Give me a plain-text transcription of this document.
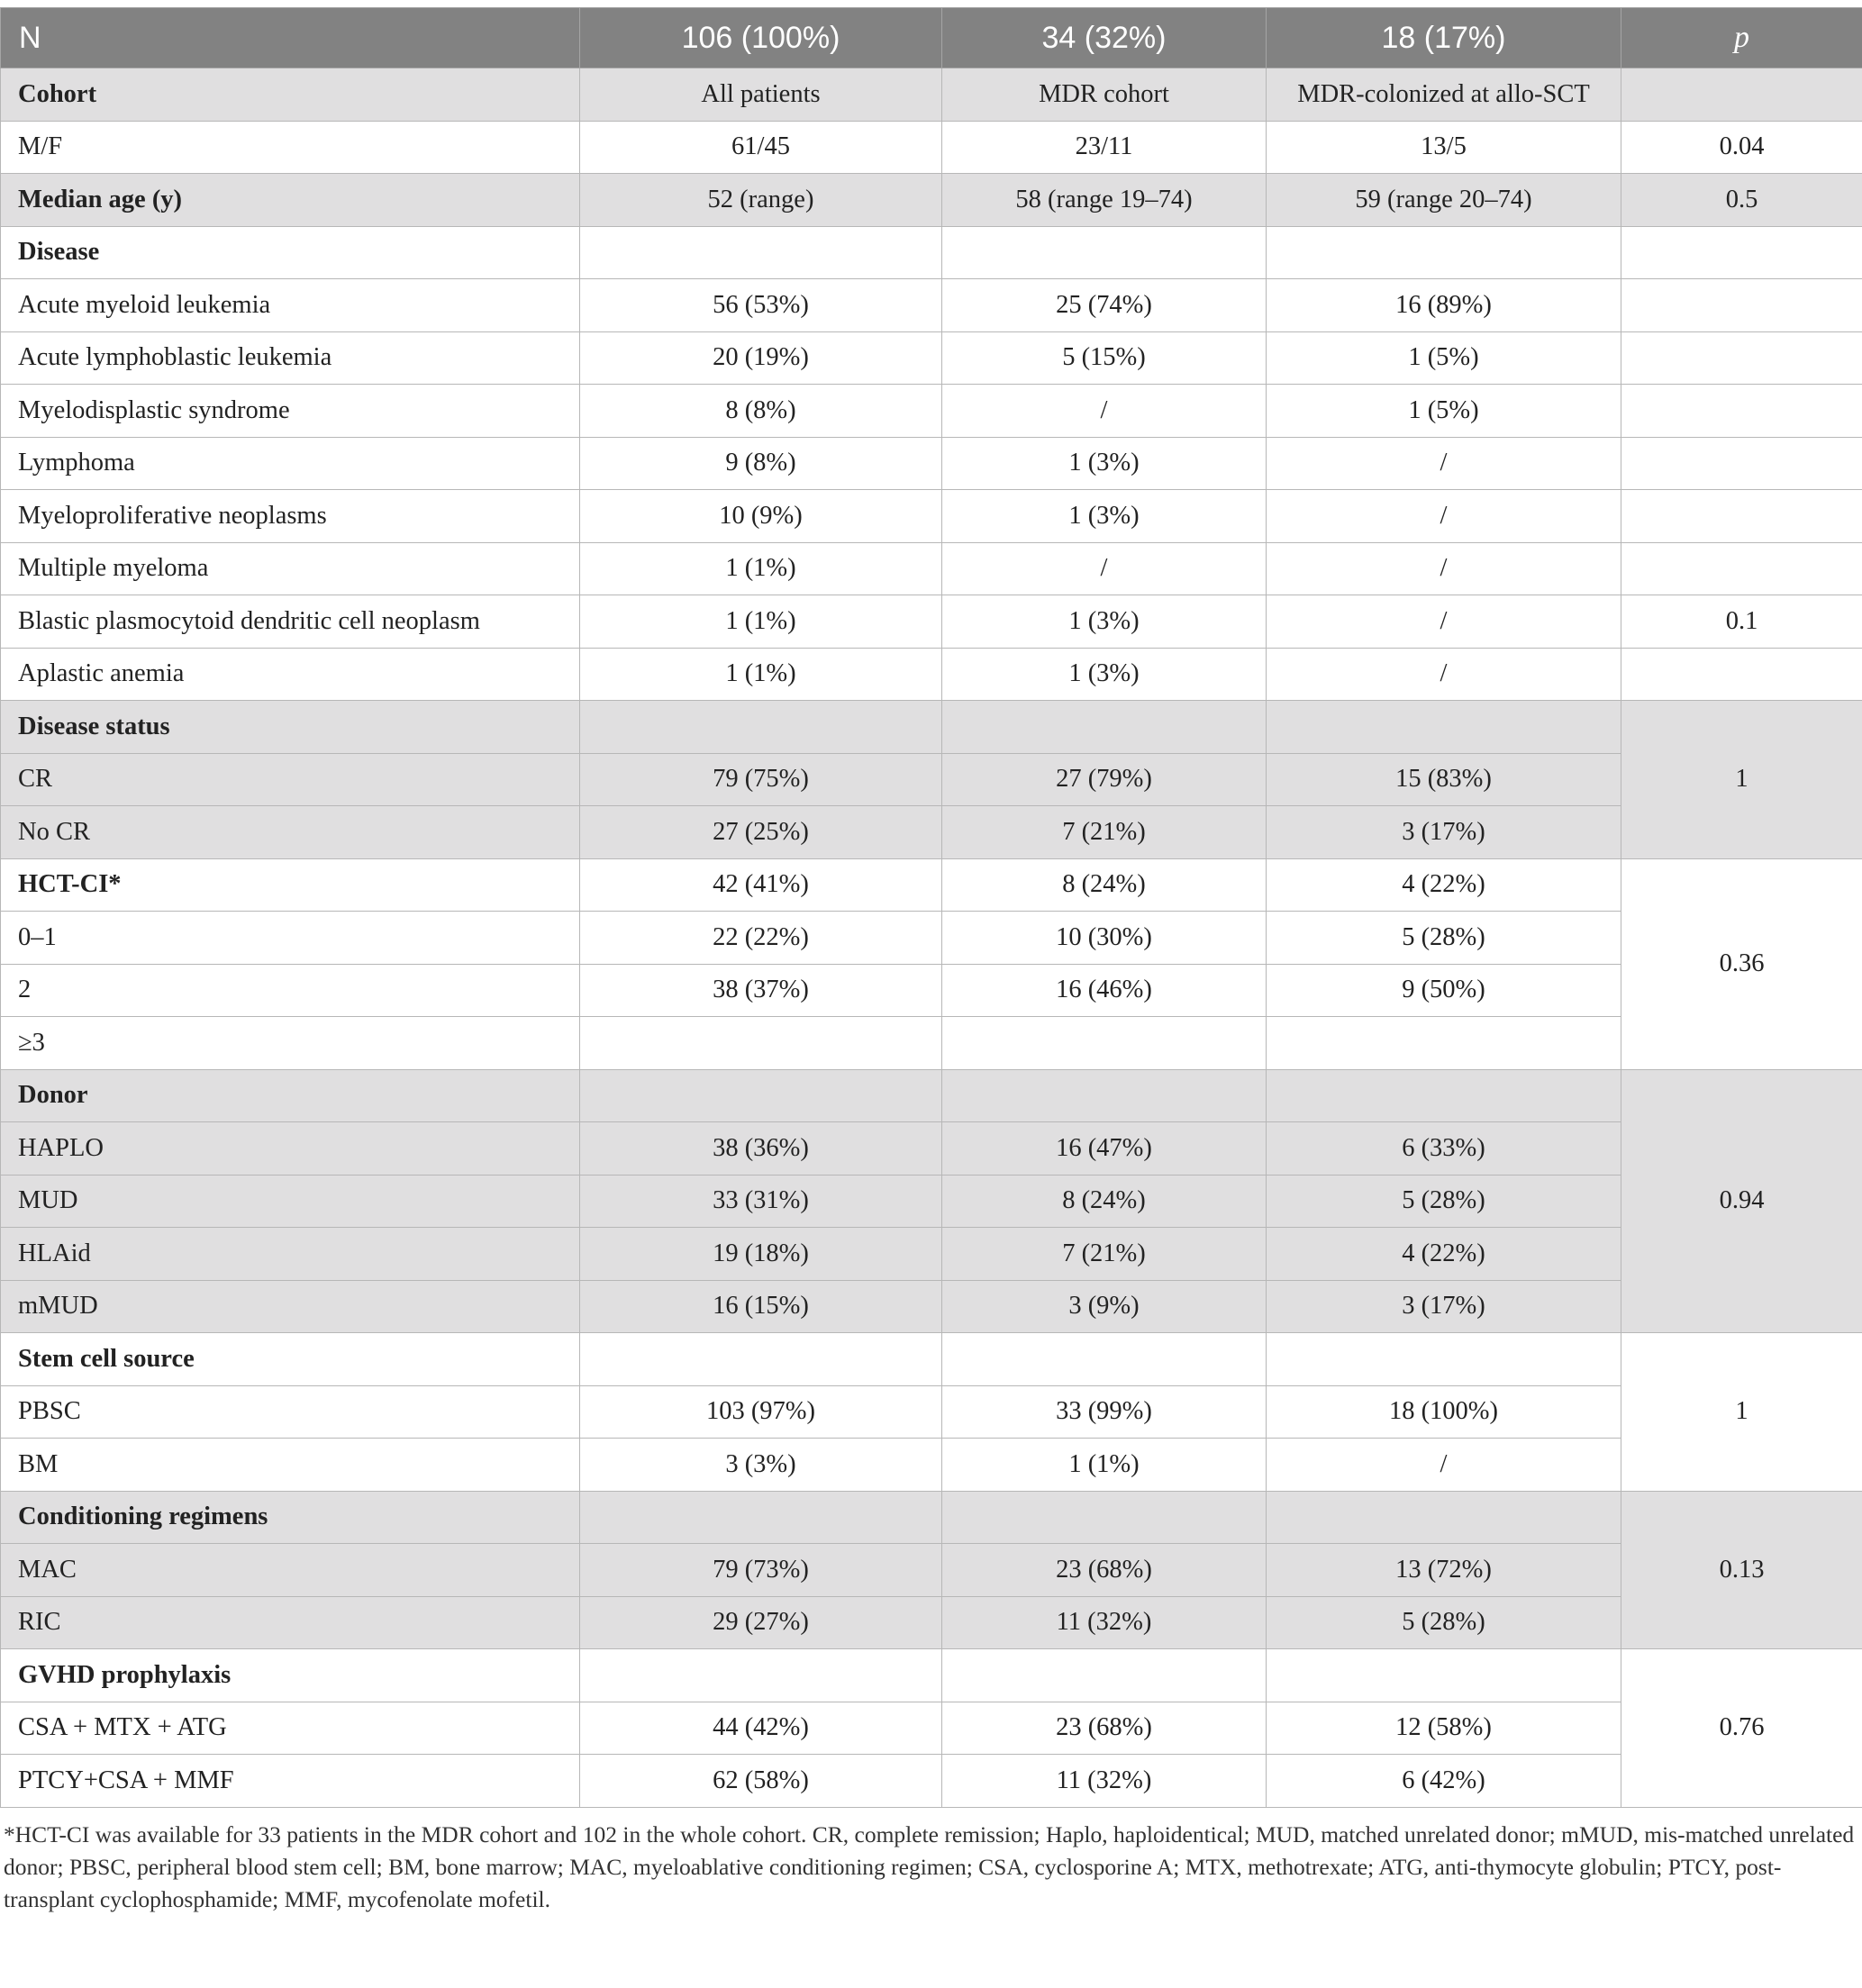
N	106 (100%)	34 (32%)	18 (17%)	p
Cohort	All patients	MDR cohort	MDR-colonized at allo-SCT	
M/F	61/45	23/11	13/5	0.04
Median age (y)	52 (range)	58 (range 19–74)	59 (range 20–74)	0.5
Disease				
Acute myeloid leukemia	56 (53%)	25 (74%)	16 (89%)	
Acute lymphoblastic leukemia	20 (19%)	5 (15%)	1 (5%)	
Myelodisplastic syndrome	8 (8%)	/	1 (5%)	
Lymphoma	9 (8%)	1 (3%)	/	
Myeloproliferative neoplasms	10 (9%)	1 (3%)	/	
Multiple myeloma	1 (1%)	/	/	
Blastic plasmocytoid dendritic cell neoplasm	1 (1%)	1 (3%)	/	0.1
Aplastic anemia	1 (1%)	1 (3%)	/	
Disease status				1
CR	79 (75%)	27 (79%)	15 (83%)	
No CR	27 (25%)	7 (21%)	3 (17%)	
HCT-CI*	42 (41%)	8 (24%)	4 (22%)	0.36
0–1	22 (22%)	10 (30%)	5 (28%)	
2	38 (37%)	16 (46%)	9 (50%)	
≥3				
Donor				0.94
HAPLO	38 (36%)	16 (47%)	6 (33%)	
MUD	33 (31%)	8 (24%)	5 (28%)	
HLAid	19 (18%)	7 (21%)	4 (22%)	
mMUD	16 (15%)	3 (9%)	3 (17%)	
Stem cell source				1
PBSC	103 (97%)	33 (99%)	18 (100%)	
BM	3 (3%)	1 (1%)	/	
Conditioning regimens				0.13
MAC	79 (73%)	23 (68%)	13 (72%)	
RIC	29 (27%)	11 (32%)	5 (28%)	
GVHD prophylaxis				0.76
CSA + MTX + ATG	44 (42%)	23 (68%)	12 (58%)	
PTCY+CSA + MMF	62 (58%)	11 (32%)	6 (42%)	

*HCT-CI was available for 33 patients in the MDR cohort and 102 in the whole cohort. CR, complete remission; Haplo, haploidentical; MUD, matched unrelated donor; mMUD, mis-matched unrelated donor; PBSC, peripheral blood stem cell; BM, bone marrow; MAC, myeloablative conditioning regimen; CSA, cyclosporine A; MTX, methotrexate; ATG, anti-thymocyte globulin; PTCY, post-transplant cyclophosphamide; MMF, mycofenolate mofetil.
